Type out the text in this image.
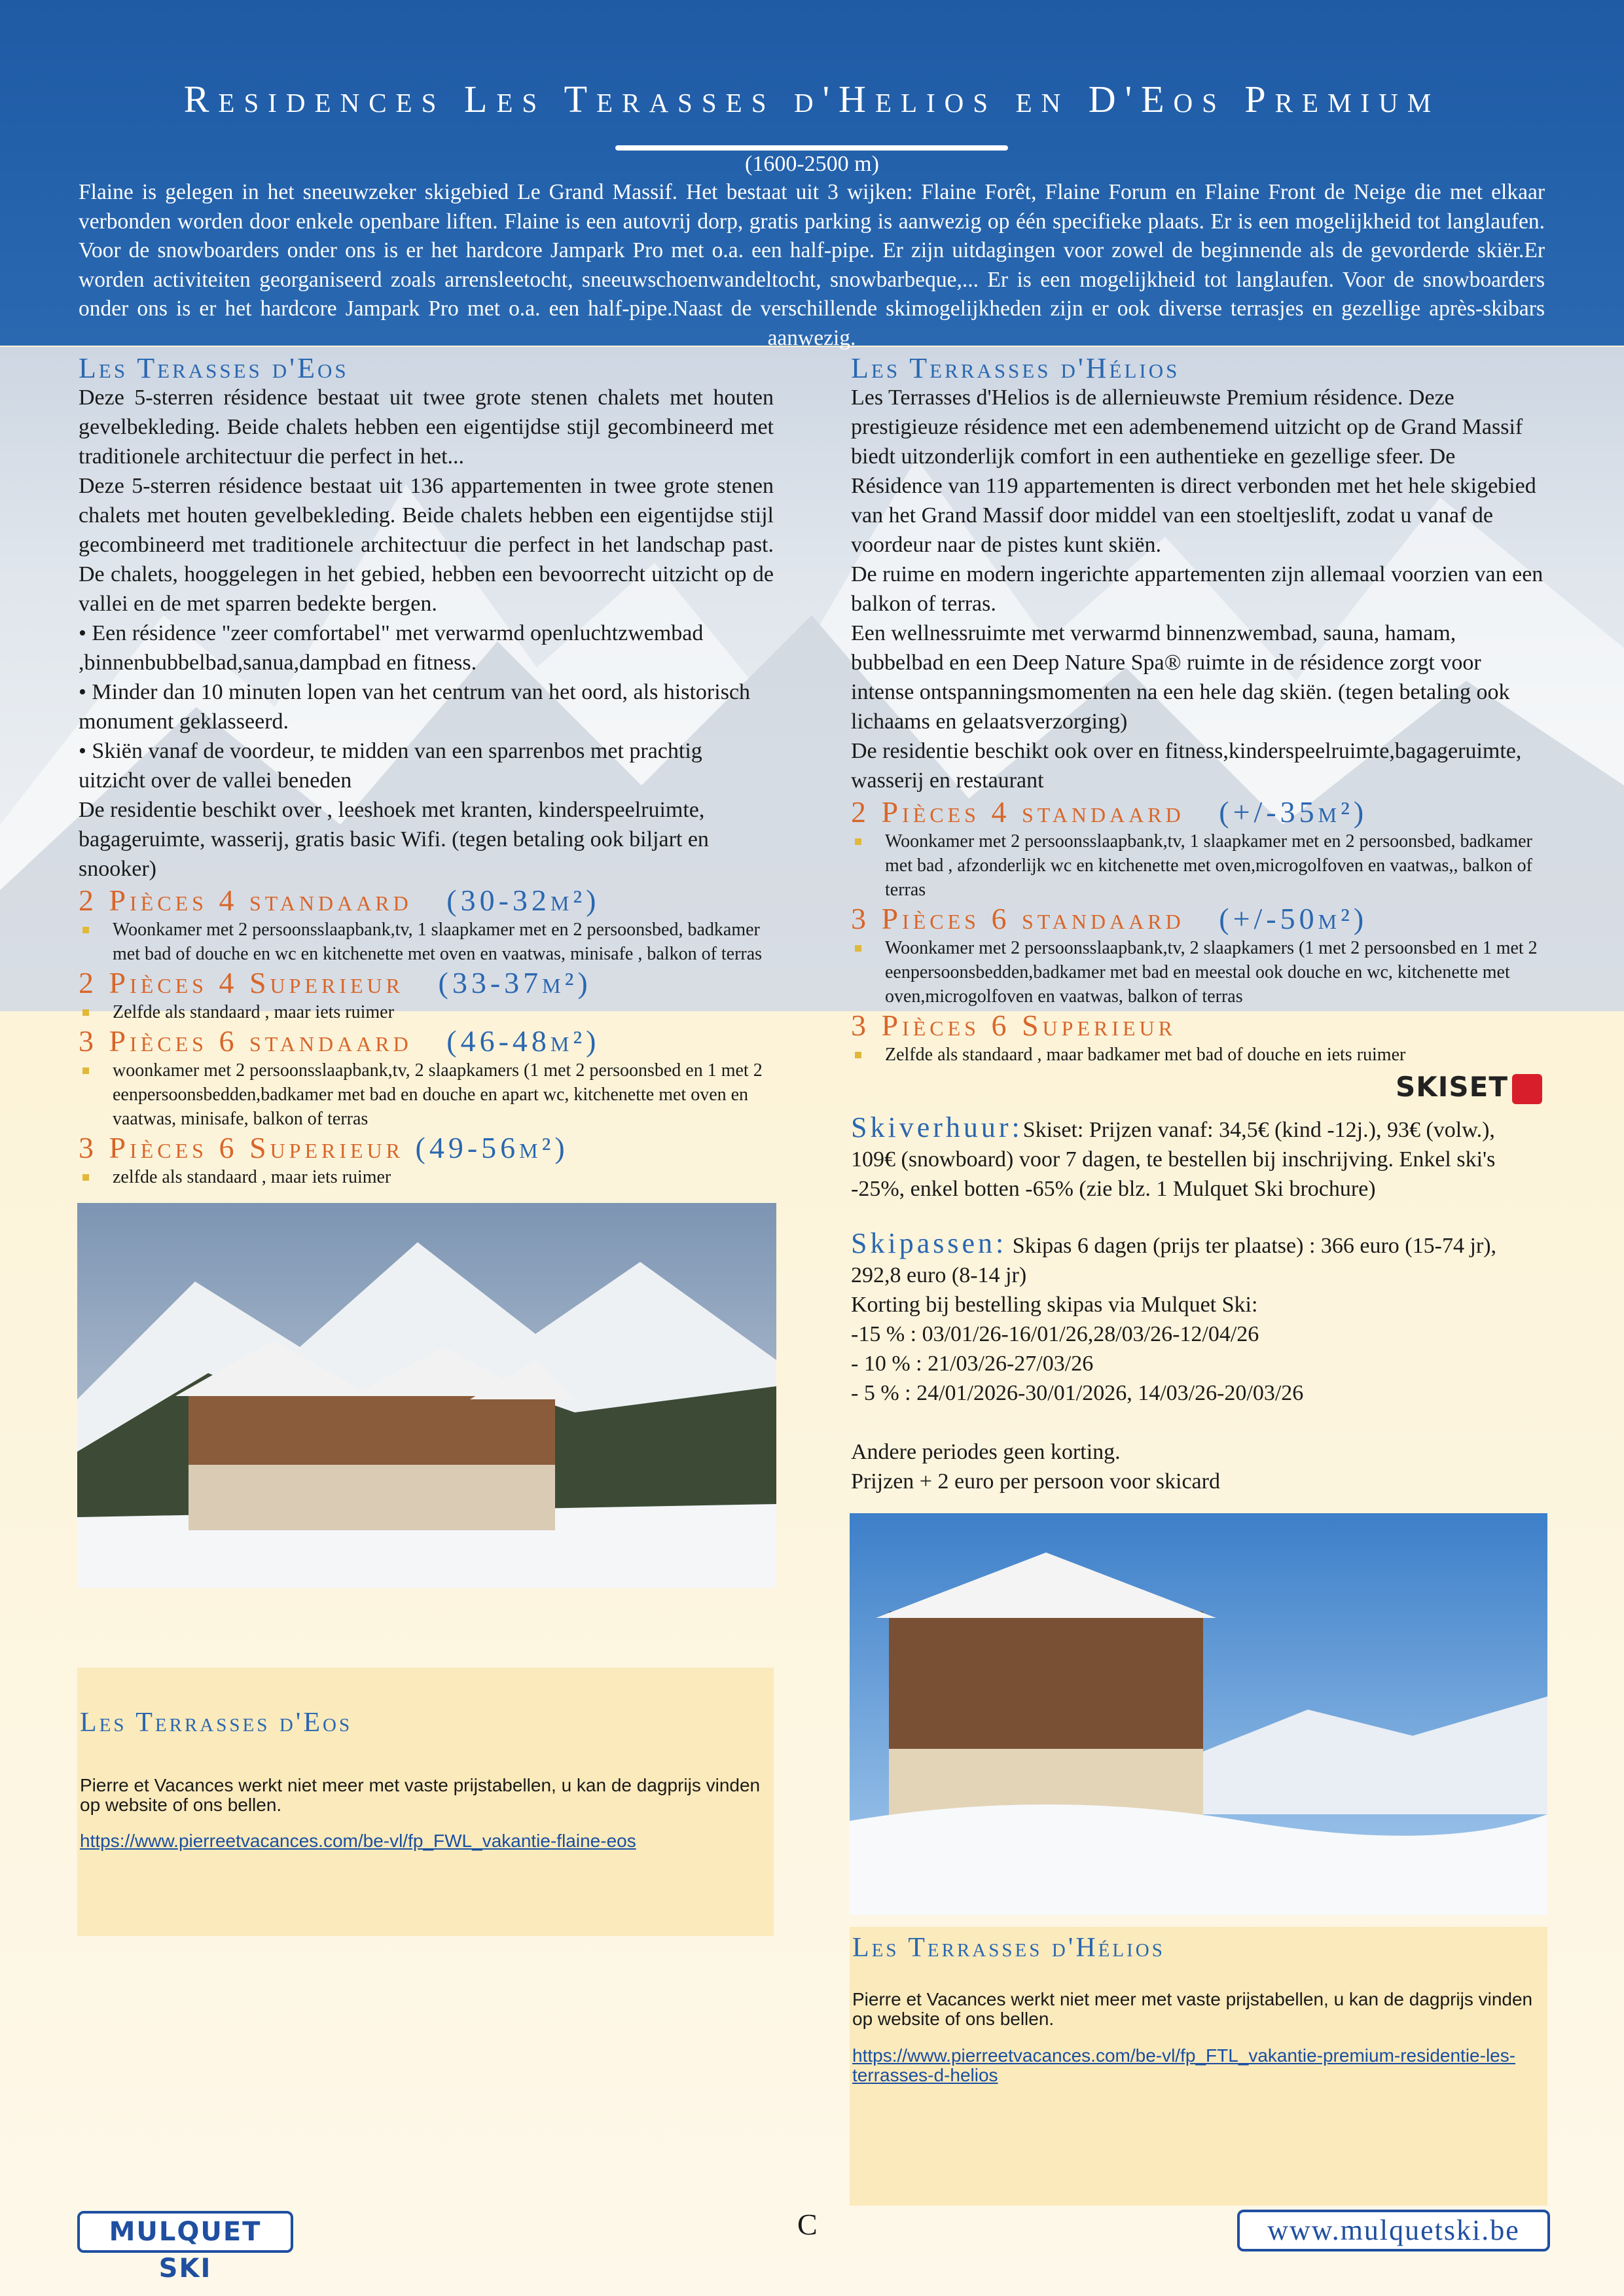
Residences Les Terasses d'Helios en D'Eos Premium
(1600-2500 m)
Flaine is gelegen in het sneeuwzeker skigebied Le Grand Massif. Het bestaat uit 3 wijken: Flaine Forêt, Flaine Forum en Flaine Front de Neige die met elkaar verbonden worden door enkele openbare liften. Flaine is een autovrij dorp, gratis parking is aanwezig op één specifieke plaats. Er is een mogelijkheid tot langlaufen. Voor de snowboarders onder ons is er het hardcore Jampark Pro met o.a. een half-pipe. Er zijn uitdagingen voor zowel de beginnende als de gevorderde skiër.Er worden activiteiten georganiseerd zoals arrensleetocht, sneeuwschoenwandeltocht, snowbarbeque,... Er is een mogelijkheid tot langlaufen. Voor de snowboarders onder ons is er het hardcore Jampark Pro met o.a. een half-pipe.Naast de verschillende skimogelijkheden zijn er ook diverse terrasjes en gezellige après-skibars aanwezig.
Les Terasses d'Eos

Deze 5-sterren résidence bestaat uit twee grote stenen chalets met houten gevelbekleding. Beide chalets hebben een eigentijdse stijl gecombineerd met traditionele architectuur die perfect in het...

Deze 5-sterren résidence bestaat uit 136 appartementen in twee grote stenen chalets met houten gevelbekleding. Beide chalets hebben een eigentijdse stijl gecombineerd met traditionele architectuur die perfect in het landschap past. De chalets, hooggelegen in het gebied, hebben een bevoorrecht uitzicht op de vallei en de met sparren bedekte bergen.

• Een résidence "zeer comfortabel" met verwarmd openluchtzwembad ,binnenbubbelbad,sanua,dampbad en fitness.

• Minder dan 10 minuten lopen van het centrum van het oord, als historisch monument geklasseerd.

• Skiën vanaf de voordeur, te midden van een sparrenbos met prachtig uitzicht over de vallei beneden

De residentie beschikt over , leeshoek met kranten, kinderspeelruimte, bagageruimte, wasserij, gratis basic Wifi. (tegen betaling ook biljart en snooker)

2 Pièces 4 standaard (30-32m²)
Woonkamer met 2 persoonsslaapbank,tv, 1 slaapkamer met en 2 persoonsbed, badkamer met bad of douche en wc en kitchenette met oven en vaatwas, minisafe , balkon of terras
2 Pièces 4 Superieur (33-37m²)
Zelfde als standaard , maar iets ruimer
3 Pièces 6 standaard (46-48m²)
woonkamer met 2 persoonsslaapbank,tv, 2 slaapkamers (1 met 2 persoonsbed en 1 met 2 eenpersoonsbedden,badkamer met bad en douche en apart wc, kitchenette met oven en vaatwas, minisafe, balkon of terras
3 Pièces 6 Superieur (49-56m²)
zelfde als standaard , maar iets ruimer
Les Terrasses d'Eos
Pierre et Vacances werkt niet meer met vaste prijstabellen, u kan de dagprijs vinden op website of ons bellen.
https://www.pierreetvacances.com/be-vl/fp_FWL_vakantie-flaine-eos
Les Terrasses d'Hélios

Les Terrasses d'Helios is de allernieuwste Premium résidence. Deze prestigieuze résidence met een adembenemend uitzicht op de Grand Massif biedt uitzonderlijk comfort in een authentieke en gezellige sfeer. De Résidence van 119 appartementen is direct verbonden met het hele skigebied van het Grand Massif door middel van een stoeltjeslift, zodat u vanaf de voordeur naar de pistes kunt skiën.

De ruime en modern ingerichte appartementen zijn allemaal voorzien van een balkon of terras.

Een wellnessruimte met verwarmd binnenzwembad, sauna, hamam, bubbelbad en een Deep Nature Spa® ruimte in de résidence zorgt voor intense ontspanningsmomenten na een hele dag skiën. (tegen betaling ook lichaams en gelaatsverzorging)

De residentie beschikt ook over en fitness,kinderspeelruimte,bagageruimte, wasserij en restaurant

2 Pièces 4 standaard (+/-35m²)
Woonkamer met 2 persoonsslaapbank,tv, 1 slaapkamer met en 2 persoonsbed, badkamer met bad , afzonderlijk wc en kitchenette met oven,microgolfoven en vaatwas,, balkon of terras
3 Pièces 6 standaard (+/-50m²)
Woonkamer met 2 persoonsslaapbank,tv, 2 slaapkamers (1 met 2 persoonsbed en 1 met 2 eenpersoonsbedden,badkamer met bad en meestal ook douche en wc, kitchenette met oven,microgolfoven en vaatwas, balkon of terras
3 Pièces 6 Superieur
Zelfde als standaard , maar badkamer met bad of douche en iets ruimer
SKISET

Skiverhuur:Skiset: Prijzen vanaf: 34,5€ (kind -12j.), 93€ (volw.), 109€ (snowboard) voor 7 dagen, te bestellen bij inschrijving. Enkel ski's -25%, enkel botten -65% (zie blz. 1 Mulquet Ski brochure)

Skipassen: Skipas 6 dagen (prijs ter plaatse) : 366 euro (15-74 jr), 292,8 euro (8-14 jr)

Korting bij bestelling skipas via Mulquet Ski:

-15 % : 03/01/26-16/01/26,28/03/26-12/04/26

- 10 % : 21/03/26-27/03/26

- 5 % : 24/01/2026-30/01/2026, 14/03/26-20/03/26

Andere periodes geen korting.

Prijzen + 2 euro per persoon voor skicard

Les Terrasses d'Hélios
Pierre et Vacances werkt niet meer met vaste prijstabellen, u kan de dagprijs vinden op website of ons bellen.
https://www.pierreetvacances.com/be-vl/fp_FTL_vakantie-premium-residentie-les-terrasses-d-helios
MULQUET SKI
C	www.mulquetski.be
